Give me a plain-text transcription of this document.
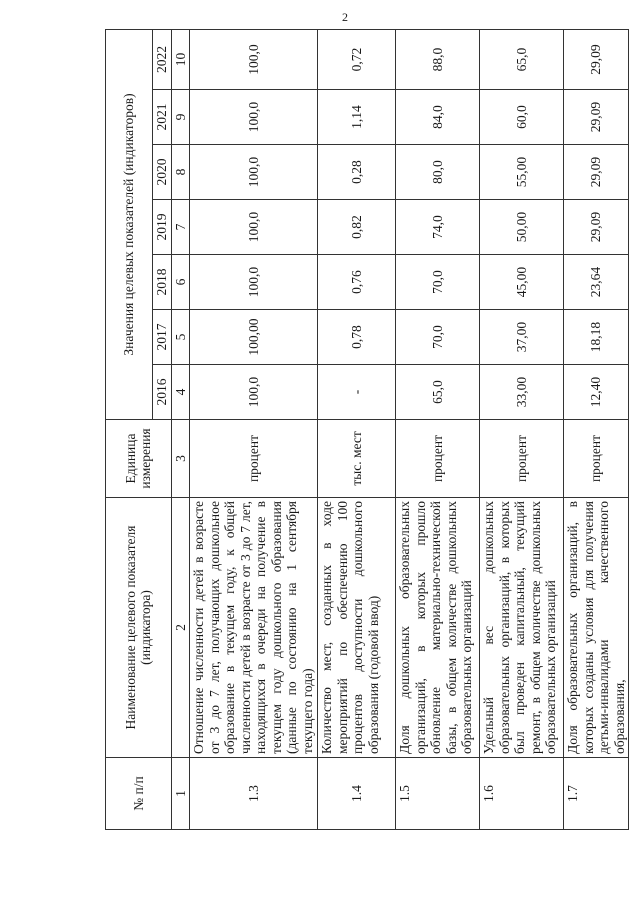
2
№ п/п	Наименование целевого показателя (индикатора)	Единица измерения	Значения целевых показателей (индикаторов)						
			2016	2017	2018	2019	2020	2021	2022
1	2	3	4	5	6	7	8	9	10
1.3	Отношение численности детей в возрасте от 3 до 7 лет, получающих дошкольное образование в текущем году, к общей численности детей в возрасте от 3 до 7 лет, находящихся в очереди на получение в текущем году дошкольного образования (данные по состоянию на 1 сентября текущего года)	процент	100,0	100,00	100,0	100,0	100,0	100,0	100,0
1.4	Количество мест, созданных в ходе мероприятий по обеспечению 100 процентов доступности дошкольного образования (годовой ввод)	тыс. мест	-	0,78	0,76	0,82	0,28	1,14	0,72
1.5	Доля дошкольных образовательных организаций, в которых прошло обновление материально-технической базы, в общем количестве дошкольных образовательных организаций	процент	65,0	70,0	70,0	74,0	80,0	84,0	88,0
1.6	Удельный вес дошкольных образовательных организаций, в которых был проведен капитальный, текущий ремонт, в общем количестве дошкольных образовательных организаций	процент	33,00	37,00	45,00	50,00	55,00	60,0	65,0
1.7	Доля образовательных организаций, в которых созданы условия для получения детьми-инвалидами качественного образования,	процент	12,40	18,18	23,64	29,09	29,09	29,09	29,09
